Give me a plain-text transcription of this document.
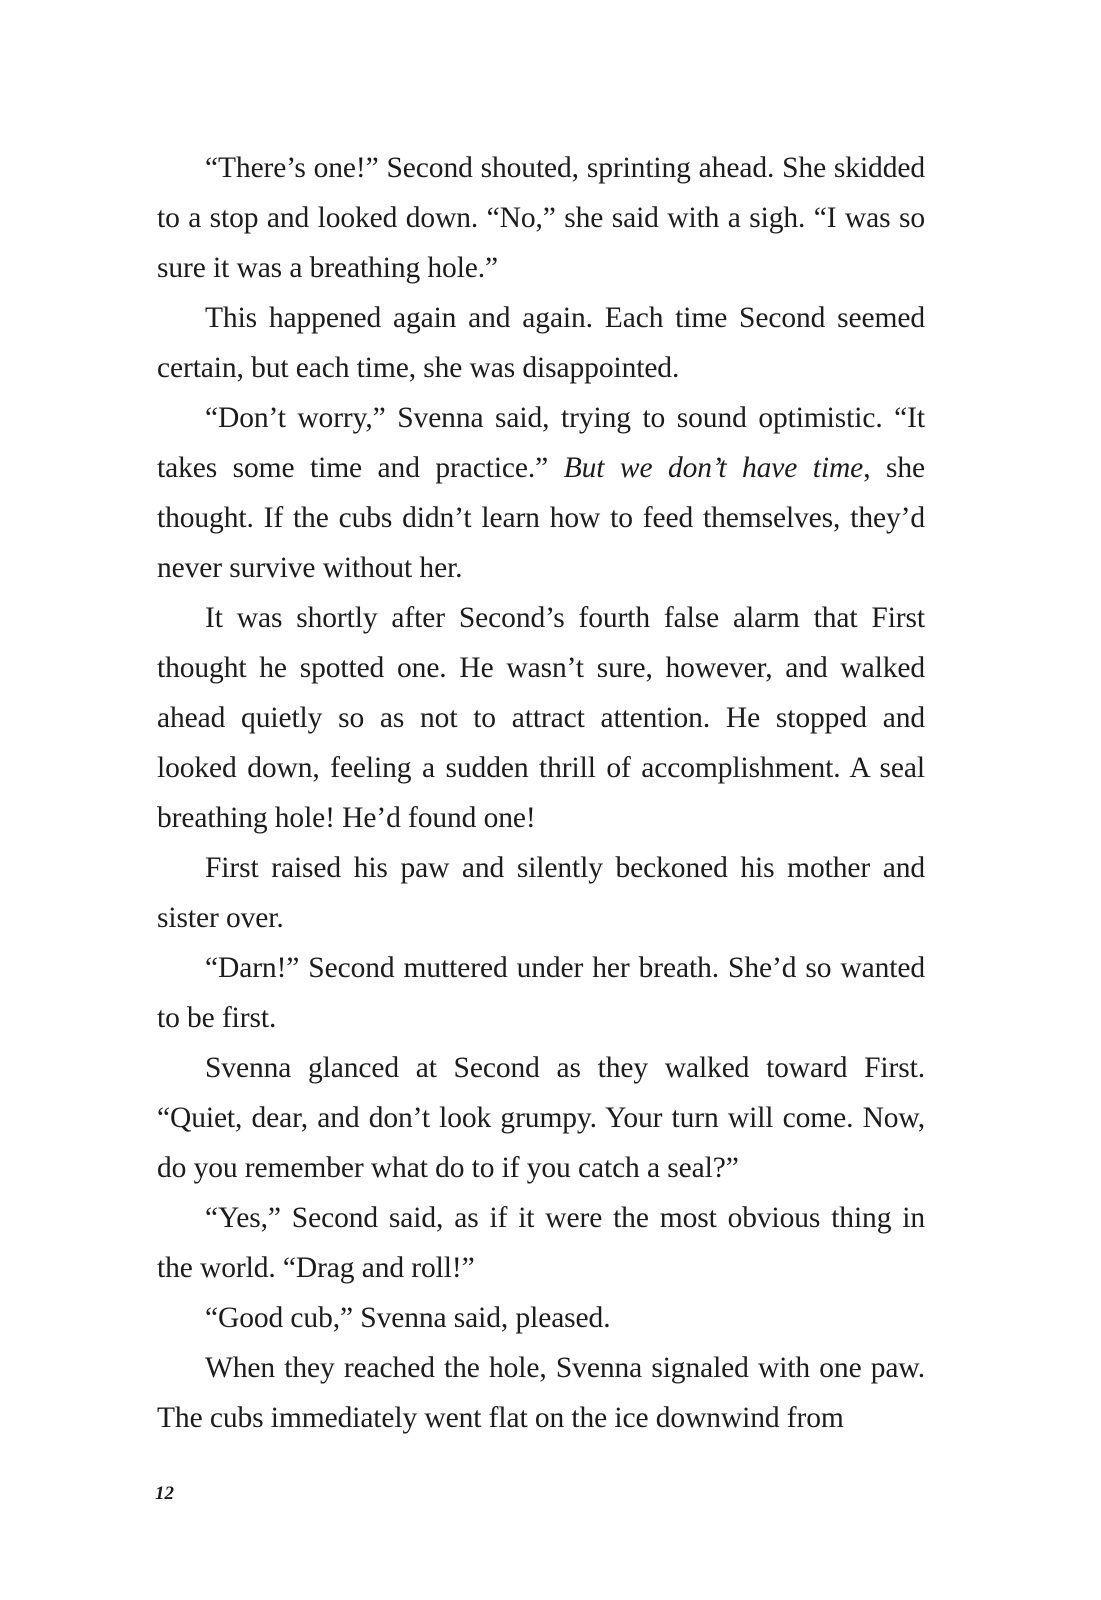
“There’s one!” Second shouted, sprinting ahead. She skidded to a stop and looked down. “No,” she said with a sigh. “I was so sure it was a breathing hole.”

This happened again and again. Each time Second seemed certain, but each time, she was disappointed.

“Don’t worry,” Svenna said, trying to sound optimistic. “It takes some time and practice.” But we don’t have time, she thought. If the cubs didn’t learn how to feed themselves, they’d never survive without her.

It was shortly after Second’s fourth false alarm that First thought he spotted one. He wasn’t sure, however, and walked ahead quietly so as not to attract attention. He stopped and looked down, feeling a sudden thrill of accomplishment. A seal breathing hole! He’d found one!

First raised his paw and silently beckoned his mother and sister over.

“Darn!” Second muttered under her breath. She’d so wanted to be first.

Svenna glanced at Second as they walked toward First. “Quiet, dear, and don’t look grumpy. Your turn will come. Now, do you remember what do to if you catch a seal?”

“Yes,” Second said, as if it were the most obvious thing in the world. “Drag and roll!”

“Good cub,” Svenna said, pleased.

When they reached the hole, Svenna signaled with one paw. The cubs immediately went flat on the ice downwind from

12
